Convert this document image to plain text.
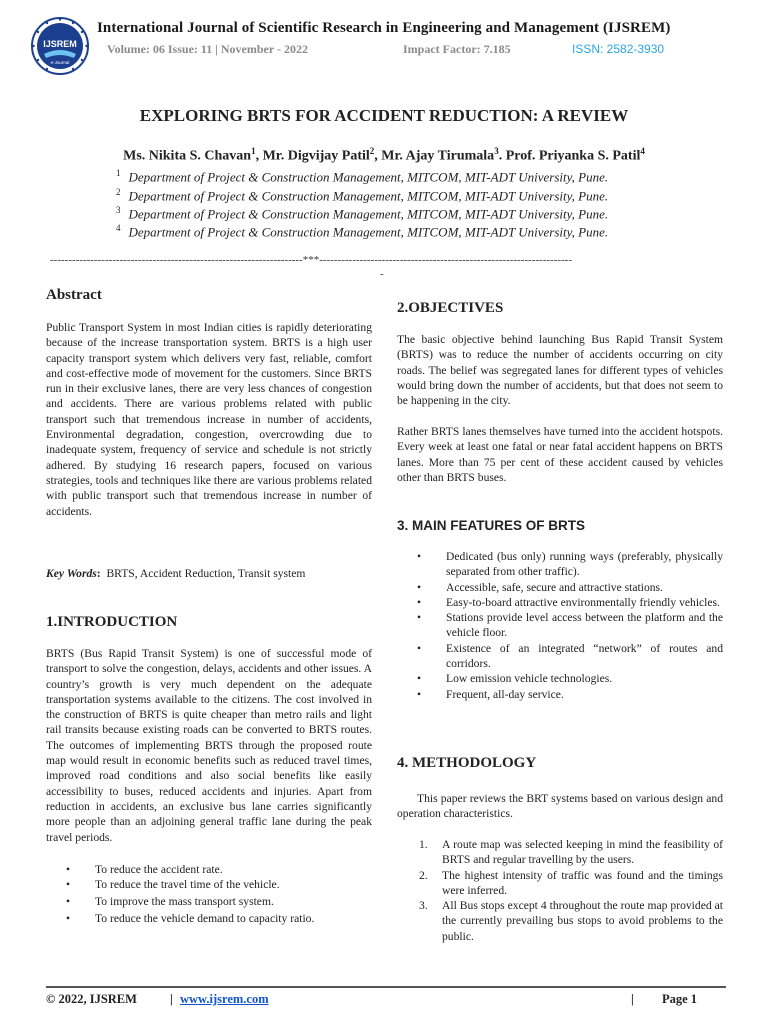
IJSREM
e-Journal
International Journal of Scientific Research in Engineering and Management (IJSREM)
Volume: 06 Issue: 11 | November - 2022	Impact Factor: 7.185	ISSN: 2582-3930
EXPLORING BRTS FOR ACCIDENT REDUCTION: A REVIEW
Ms. Nikita S. Chavan$^1$, Mr. Digvijay Patil$^2$, Mr. Ajay Tirumala$^3$. Prof. Priyanka S. Patil$^4$
$^1$ Department of Project & Construction Management, MITCOM, MIT-ADT University, Pune.
$^2$ Department of Project & Construction Management, MITCOM, MIT-ADT University, Pune.
$^3$ Department of Project & Construction Management, MITCOM, MIT-ADT University, Pune.
$^4$ Department of Project & Construction Management, MITCOM, MIT-ADT University, Pune.
---------------------------------------------------------------------***---------------------------------------------------------------------
-
Abstract
Public Transport System in most Indian cities is rapidly deteriorating because of the increase transportation system. BRTS is a high user capacity transport system which delivers very fast, reliable, comfort and cost-effective mode of movement for the customers. Since BRTS run in their exclusive lanes, there are very less chances of congestion and accidents. There are various problems related with public transport such that tremendous increase in number of accidents, Environmental degradation, congestion, overcrowding due to inadequate system, frequency of service and schedule is not strictly adhered. By studying 16 research papers, focused on various strategies, tools and techniques like there are various problems related with public transport such that tremendous increase in number of accidents.
Key Words: BRTS, Accident Reduction, Transit system
1.INTRODUCTION
BRTS (Bus Rapid Transit System) is one of successful mode of transport to solve the congestion, delays, accidents and other issues. A country’s growth is very much dependent on the adequate transportation systems available to the citizens. The cost involved in the construction of BRTS is quite cheaper than metro rails and light rail transits because existing roads can be converted to BRTS routes. The outcomes of implementing BRTS through the proposed route map would result in economic benefits such as reduced travel times, improved road conditions and also social benefits like easily accessibility to buses, reduced accidents and injuries. Apart from reduction in accidents, an exclusive bus lane carries significantly more people than an adjoining general traffic lane during the peak travel periods.
• To reduce the accident rate.
• To reduce the travel time of the vehicle.
• To improve the mass transport system.
• To reduce the vehicle demand to capacity ratio.
2.OBJECTIVES
The basic objective behind launching Bus Rapid Transit System (BRTS) was to reduce the number of accidents occurring on city roads. The belief was segregated lanes for different types of vehicles would bring down the number of accidents, but that does not seem to be happening in the city.
Rather BRTS lanes themselves have turned into the accident hotspots. Every week at least one fatal or near fatal accident happens on BRTS lanes. More than 75 per cent of these accident caused by vehicles other than BRTS buses.
3. MAIN FEATURES OF BRTS
• Dedicated (bus only) running ways (preferably, physically separated from other traffic).
• Accessible, safe, secure and attractive stations.
• Easy-to-board attractive environmentally friendly vehicles.
• Stations provide level access between the platform and the vehicle floor.
• Existence of an integrated “network” of routes and corridors.
• Low emission vehicle technologies.
• Frequent, all-day service.
4. METHODOLOGY
This paper reviews the BRT systems based on various design and operation characteristics.
1. A route map was selected keeping in mind the feasibility of BRTS and regular travelling by the users.
2. The highest intensity of traffic was found and the timings were inferred.
3. All Bus stops except 4 throughout the route map provided at the currently prevailing bus stops to avoid problems to the public.
© 2022, IJSREM	| www.ijsrem.com	| Page 1
